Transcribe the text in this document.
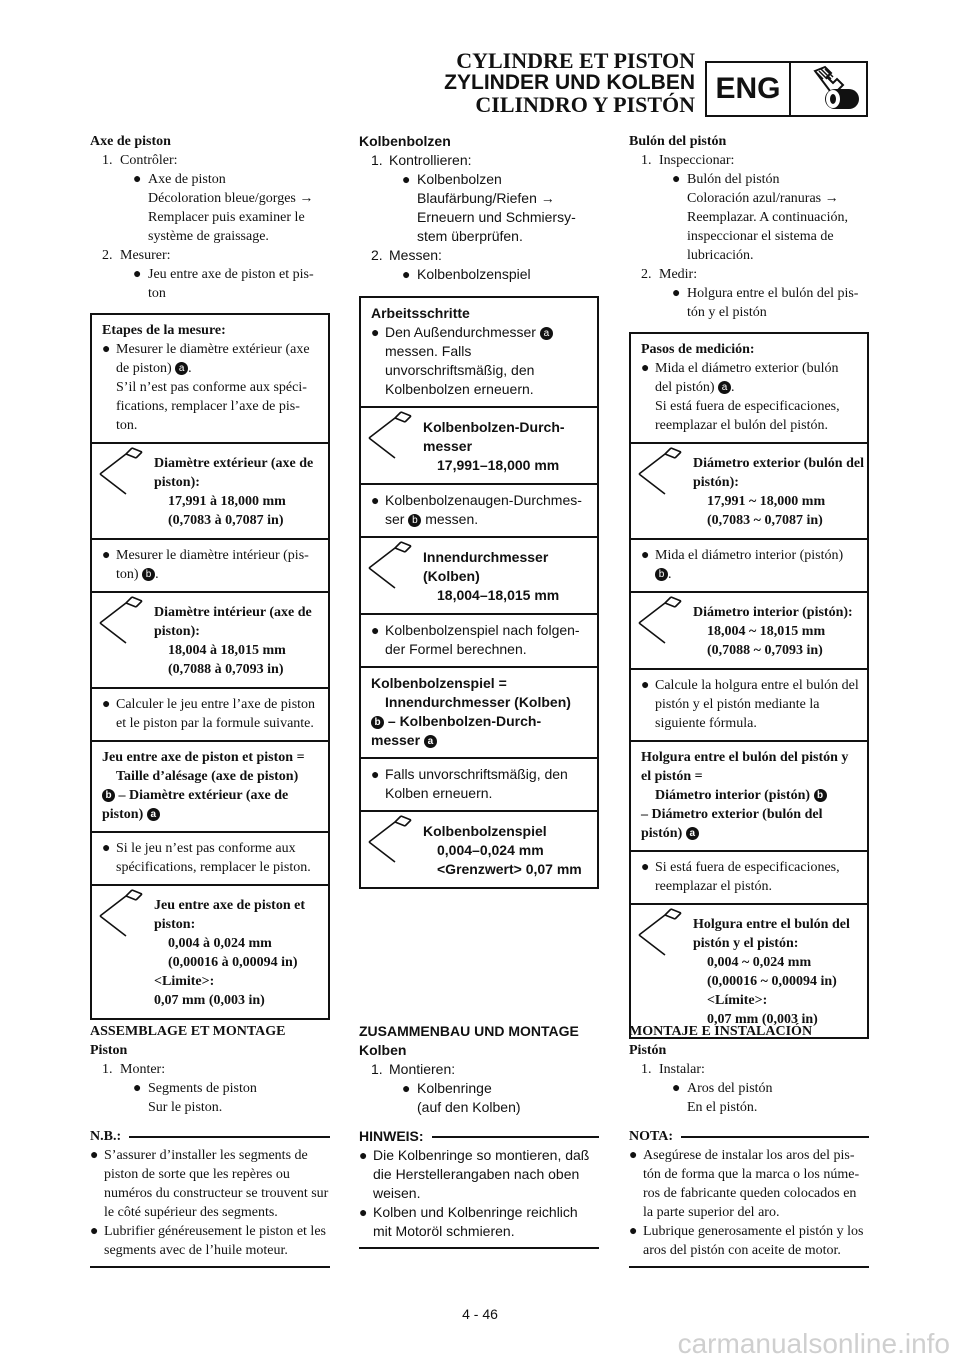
CYLINDRE ET PISTON
ZYLINDER UND KOLBEN
CILINDRO Y PISTÓN ENG
Axe de piston
1. Contrôler:
● Axe de piston
Décoloration bleue/gorges →
Remplacer puis examiner le système de graissage.
2. Mesurer:
● Jeu entre axe de piston et pis-ton
Etapes de la mesure:
● Mesurer le diamètre extérieur (axe de piston) a .
S’il n’est pas conforme aux spéci-fications, remplacer l’axe de pis-ton.
Diamètre extérieur (axe de piston):
17,991 à 18,000 mm
(0,7083 à 0,7087 in)
● Mesurer le diamètre intérieur (pis-ton) b .
Diamètre intérieur (axe de piston):
18,004 à 18,015 mm
(0,7088 à 0,7093 in)
● Calculer le jeu entre l’axe de piston et le piston par la formule suivante.
Jeu entre axe de piston et piston =
Taille d’alésage (axe de piston)
b – Diamètre extérieur (axe de piston) a
● Si le jeu n’est pas conforme aux spécifications, remplacer le piston.
Jeu entre axe de piston et piston:
0,004 à 0,024 mm
(0,00016 à 0,00094 in)
<Limite>:
0,07 mm (0,003 in)
ASSEMBLAGE ET MONTAGE
Piston
1. Monter:
● Segments de piston
Sur le piston.
N.B.:
● S’assurer d’installer les segments de piston de sorte que les repères ou numéros du constructeur se trouvent sur le côté supérieur des segments.
● Lubrifier généreusement le piston et les segments avec de l’huile moteur.
Kolbenbolzen
1. Kontrollieren:
● Kolbenbolzen
Blaufärbung/Riefen →
Erneuern und Schmiersy-stem überprüfen.
2. Messen:
● Kolbenbolzenspiel
Arbeitsschritte
● Den Außendurchmesser a
messen. Falls unvorschriftsmäßig, den Kolbenbolzen erneuern.
Kolbenbolzen-Durch-messer
17,991–18,000 mm
● Kolbenbolzenaugen-Durchmes-ser b messen.
Innendurchmesser (Kolben)
18,004–18,015 mm
● Kolbenbolzenspiel nach folgen-der Formel berechnen.
Kolbenbolzenspiel =
Innendurchmesser (Kolben)
b – Kolbenbolzen-Durch-messer a
● Falls unvorschriftsmäßig, den Kolben erneuern.
Kolbenbolzenspiel
0,004–0,024 mm
<Grenzwert> 0,07 mm
ZUSAMMENBAU UND MONTAGE
Kolben
1. Montieren:
● Kolbenringe
(auf den Kolben)
HINWEIS:
● Die Kolbenringe so montieren, daß die Herstellerangaben nach oben weisen.
● Kolben und Kolbenringe reichlich mit Motoröl schmieren.
Bulón del pistón
1. Inspeccionar:
● Bulón del pistón
Coloración azul/ranuras →
Reemplazar. A continuación, inspeccionar el sistema de lubricación.
2. Medir:
● Holgura entre el bulón del pis-tón y el pistón
Pasos de medición:
● Mida el diámetro exterior (bulón del pistón) a .
Si está fuera de especificaciones, reemplazar el bulón del pistón.
Diámetro exterior (bulón del pistón):
17,991 ~ 18,000 mm
(0,7083 ~ 0,7087 in)
● Mida el diámetro interior (pistón) b .
Diámetro interior (pistón):
18,004 ~ 18,015 mm
(0,7088 ~ 0,7093 in)
● Calcule la holgura entre el bulón del pistón y el pistón mediante la siguiente fórmula.
Holgura entre el bulón del pistón y el pistón =
Diámetro interior (pistón) b
– Diámetro exterior (bulón del pistón) a
● Si está fuera de especificaciones, reemplazar el pistón.
Holgura entre el bulón del pistón y el pistón:
0,004 ~ 0,024 mm
(0,00016 ~ 0,00094 in)
<Límite>:
0,07 mm (0,003 in)
MONTAJE E INSTALACIÓN
Pistón
1. Instalar:
● Aros del pistón
En el pistón.
NOTA:
● Asegúrese de instalar los aros del pis-tón de forma que la marca o los núme-ros de fabricante queden colocados en la parte superior del aro.
● Lubrique generosamente el pistón y los aros del pistón con aceite de motor.
4 - 46
carmanualsonline.info
